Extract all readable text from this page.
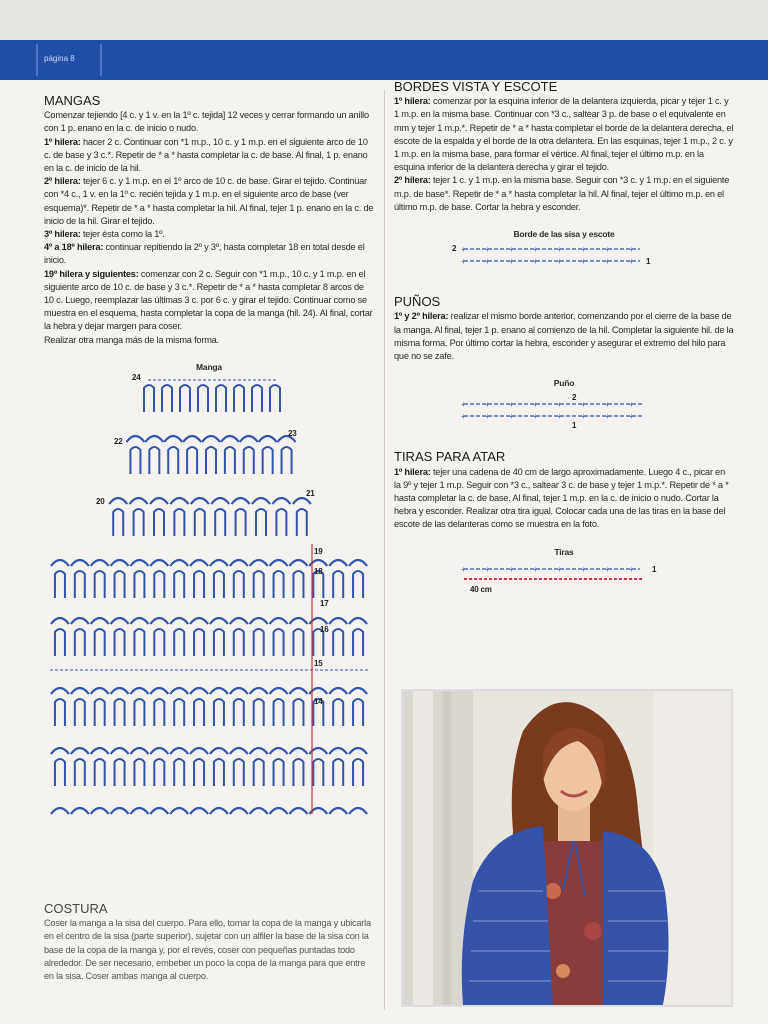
página 8
MANGAS

Comenzar tejiendo [4 c. y 1 v. en la 1º c. tejida] 12 veces y cerrar formando un anillo con 1 p. enano en la c. de inicio o nudo.

1º hilera: hacer 2 c. Continuar con *1 m.p., 10 c. y 1 m.p. en el siguiente arco de 10 c. de base y 3 c.*. Repetir de * a * hasta completar la c. de base. Al final, 1 p. enano en la c. de inicio de la hil.

2º hilera: tejer 6 c. y 1 m.p. en el 1º arco de 10 c. de base. Girar el tejido. Continuar con *4 c., 1 v. en la 1º c. recién tejida y 1 m.p. en el siguiente arco de base (ver esquema)*. Repetir de * a * hasta completar la hil. Al final, tejer 1 p. enano en la c. de inicio de la hil. Girar el tejido.

3º hilera: tejer ésta como la 1º.

4º a 18º hilera: continuar repitiendo la 2º y 3º, hasta completar 18 en total desde el inicio.

19º hilera y siguientes: comenzar con 2 c. Seguir con *1 m.p., 10 c. y 1 m.p. en el siguiente arco de 10 c. de base y 3 c.*. Repetir de * a * hasta completar 8 arcos de 10 c. Luego, reemplazar las últimas 3 c. por 6 c. y girar el tejido. Continuar como se muestra en el esquema, hasta completar la copa de la manga (hil. 24). Al final, cortar la hebra y dejar margen para coser.

Realizar otra manga más de la misma forma.

Manga
24
23
22
21
20
19
18
17
16
15
14
COSTURA

Coser la manga a la sisa del cuerpo. Para ello, tomar la copa de la manga y ubicarla en el centro de la sisa (parte superior), sujetar con un alfiler la base de la sisa con la base de la copa de la manga y, por el revés, coser con pequeñas puntadas todo alrededor. De ser necesario, embeber un poco la copa de la manga para que entre en la sisa. Coser ambas manga al cuerpo.

BORDES VISTA Y ESCOTE

1º hilera: comenzar por la esquina inferior de la delantera izquierda, picar y tejer 1 c. y 1 m.p. en la misma base. Continuar con *3 c., saltear 3 p. de base o el equivalente en mm y tejer 1 m.p.*. Repetir de * a * hasta completar el borde de la delantera derecha, el escote de la espalda y el borde de la otra delantera. En las esquinas, tejer 1 m.p., 2 c. y 1 m.p. en la misma base, para formar el vértice. Al final, tejer el último m.p. en la esquina inferior de la delantera derecha y girar el tejido.

2º hilera: tejer 1 c. y 1 m.p. en la misma base. Seguir con *3 c. y 1 m.p. en el siguiente m.p. de base*. Repetir de * a * hasta completar la hil. Al final, tejer el último m.p. en el último m.p. de base. Cortar la hebra y esconder.

Borde de las sisa y escote
+ + + + + + + +
+ + + + + + + +
2
1
PUÑOS

1º y 2º hilera: realizar el mismo borde anterior, comenzando por el cierre de la base de la manga. Al final, tejer 1 p. enano al comienzo de la hil. Completar la siguiente hil. de la misma forma. Por último cortar la hebra, esconder y asegurar el extremo del hilo para que no se zafe.

Puño
+ + + + + + + +
+ + + + + + + +
2
1
TIRAS PARA ATAR

1º hilera: tejer una cadena de 40 cm de largo aproximadamente. Luego 4 c., picar en la 9º y tejer 1 m.p. Seguir con *3 c., saltear 3 c. de base y tejer 1 m.p.*. Repetir de * a * hasta completar la c. de base. Al final, tejer 1 m.p. en la c. de inicio o nudo. Cortar la hebra y esconder. Realizar otra tira igual. Colocar cada una de las tiras en la base del escote de las delanteras como se muestra en la foto.

Tiras
+ + + + + + + + 1
40 cm
